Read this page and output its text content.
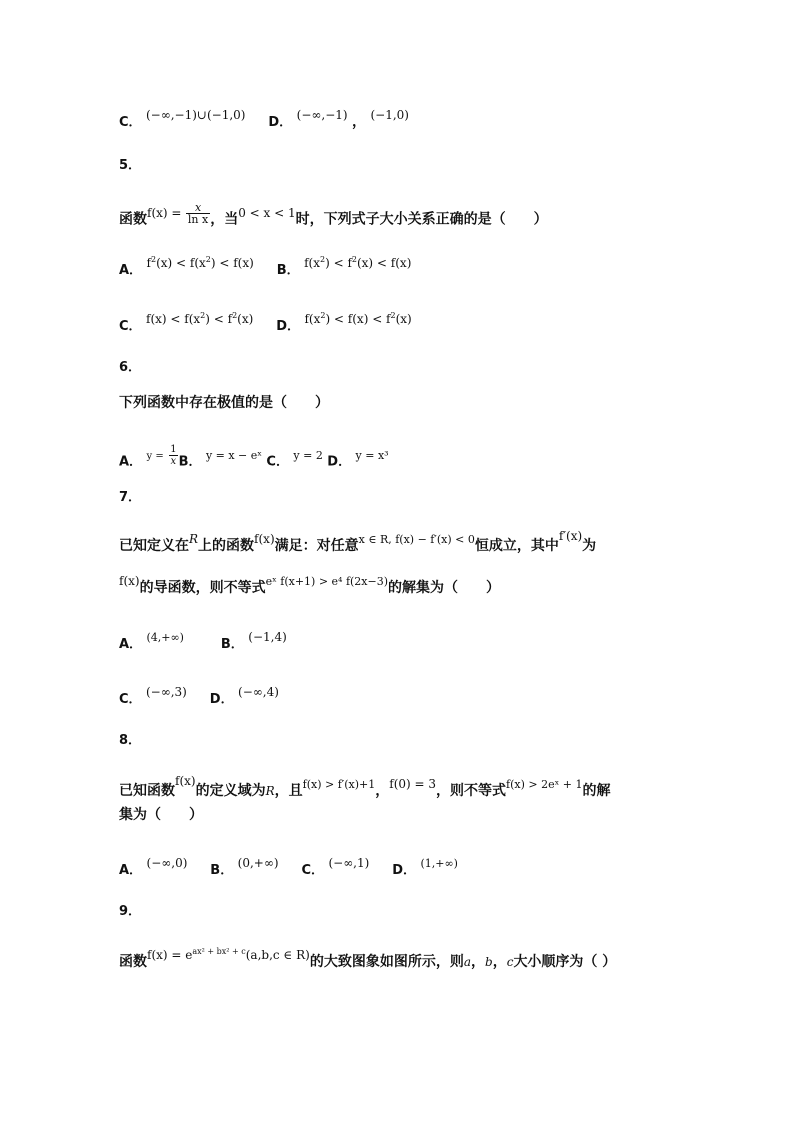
C． (−∞,−1)∪(−1,0) D． (−∞,−1) ， (−1,0)
5．
函数$f(x) = \frac{x}{\text{ln x}}$ ，当0 < x < 1时，下列式子大小关系正确的是（　　）
A． $f^2(x) < f(x^2) < f(x)$ B． $f(x^2) < f^2(x) < f(x)$
C． $f(x) < f(x^2) < f^2(x)$ D． $f(x^2) < f(x) < f^2(x)$
6．
下列函数中存在极值的是（　　）
A． $y = \frac{1}{x}$ B． y = x − eˣ C． y = 2 D． y = x³
7．
已知定义在R上的函数f(x)满足：对任意x ∈ R, f(x) − f′(x) < 0恒成立，其中f′(x)为
f(x)的导函数，则不等式eˣ f(x+1) > e⁴ f(2x−3)的解集为（　　）
A． (4,+∞)	B． (−1,4)
C． (−∞,3) D． (−∞,4)
8．
已知函数f(x)的定义域为R，且f(x) > f′(x)+1，f(0) = 3，则不等式f(x) > 2eˣ + 1的解
集为（　　）
A． (−∞,0) B． (0,+∞) C． (−∞,1) D． (1,+∞)
9．
函数$f(x) = e^{ax^2 + bx^2 + c}(a,b,c$ ∈ R)的大致图象如图所示，则a，b，c大小顺序为（ ）
